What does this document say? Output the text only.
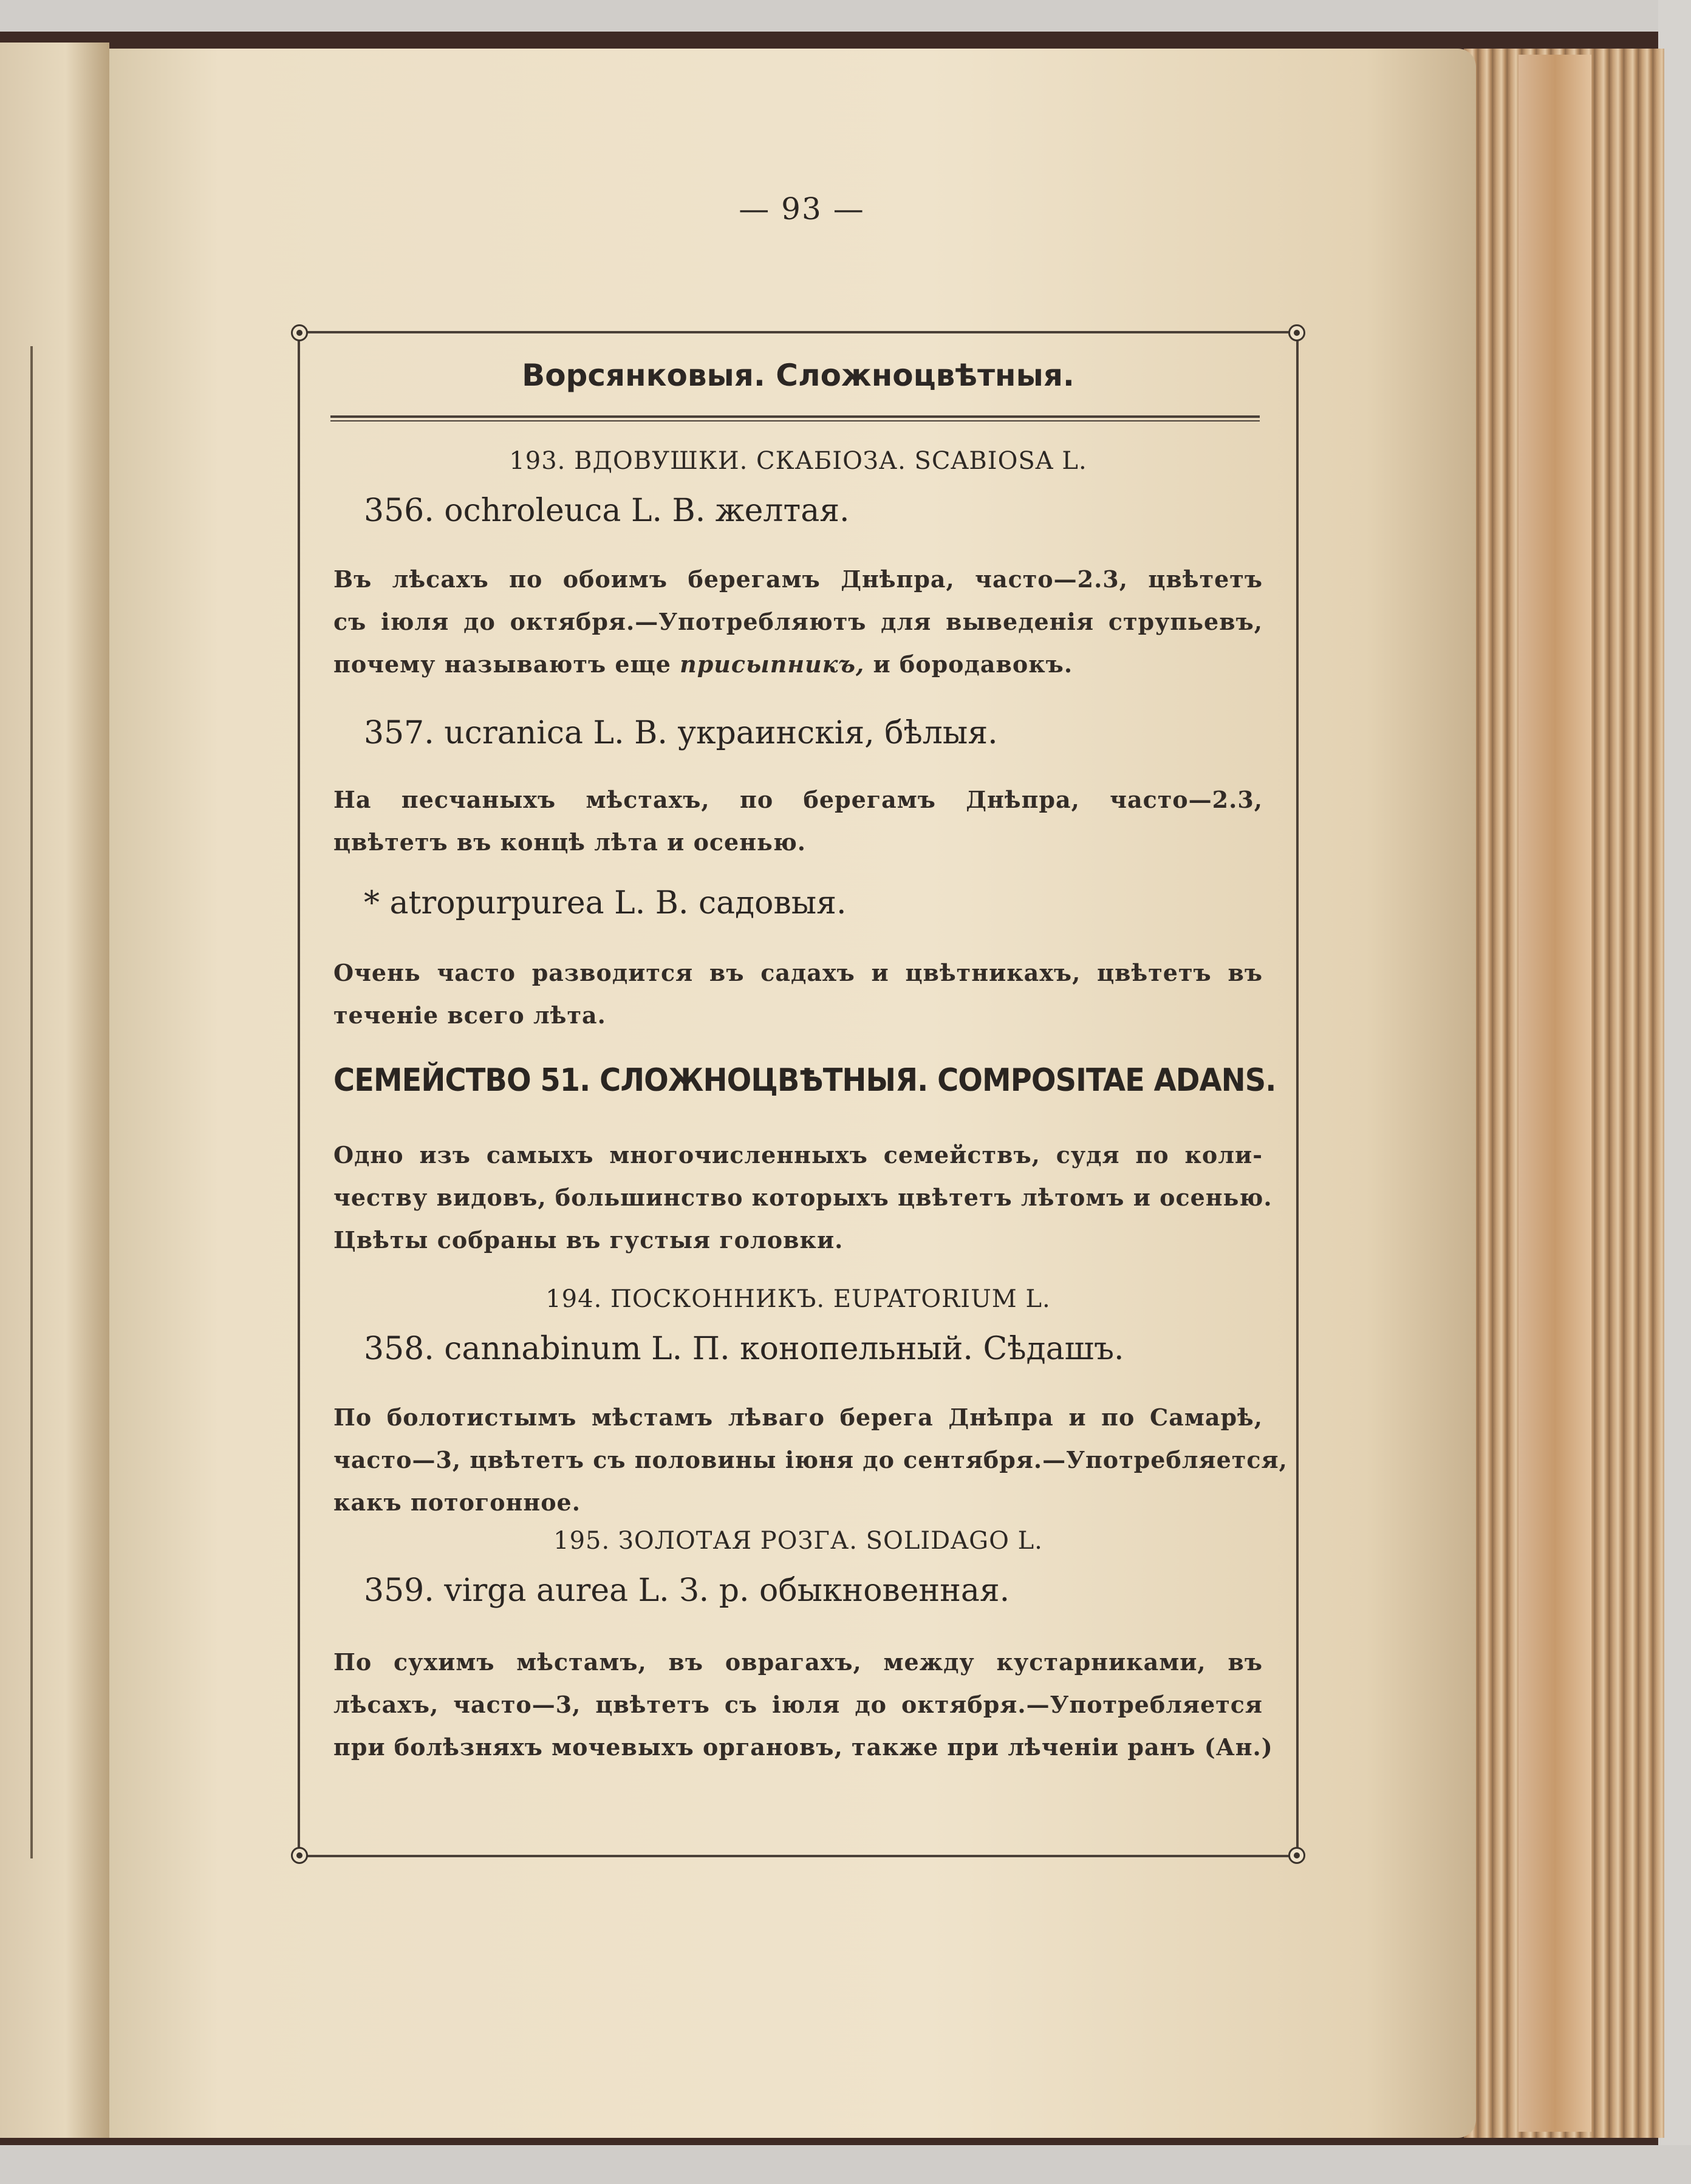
— 93 —
Ворсянковыя. Сложноцвѣтныя.
193. ВДОВУШКИ. СКАБІОЗА. SCABIOSA L.
356. ochroleuca L. В. желтая.
Въ лѣсахъ по обоимъ берегамъ Днѣпра, часто—2.3, цвѣтетъ
съ іюля до октября.—Употребляютъ для выведенія струпьевъ,
почему называютъ еще присыпникъ, и бородавокъ.
357. ucranica L. В. украинскія, бѣлыя.
На песчаныхъ мѣстахъ, по берегамъ Днѣпра, часто—2.3,
цвѣтетъ въ концѣ лѣта и осенью.
* atropurpurea L. В. садовыя.
Очень часто разводится въ садахъ и цвѣтникахъ, цвѣтетъ въ
теченіе всего лѣта.
СЕМЕЙСТВО 51. СЛОЖНОЦВѢТНЫЯ. COMPOSITAE ADANS.
Одно изъ самыхъ многочисленныхъ семействъ, судя по коли-
честву видовъ, большинство которыхъ цвѣтетъ лѣтомъ и осенью.
Цвѣты собраны въ густыя головки.
194. ПОСКОННИКЪ. EUPATORIUM L.
358. cannabinum L. П. конопельный. Сѣдашъ.
По болотистымъ мѣстамъ лѣваго берега Днѣпра и по Самарѣ,
часто—3, цвѣтетъ съ половины іюня до сентября.—Употребляется,
какъ потогонное.
195. ЗОЛОТАЯ РОЗГА. SOLIDAGO L.
359. virga aurea L. З. р. обыкновенная.
По сухимъ мѣстамъ, въ оврагахъ, между кустарниками, въ
лѣсахъ, часто—3, цвѣтетъ съ іюля до октября.—Употребляется
при болѣзняхъ мочевыхъ органовъ, также при лѣченіи ранъ (Ан.)
